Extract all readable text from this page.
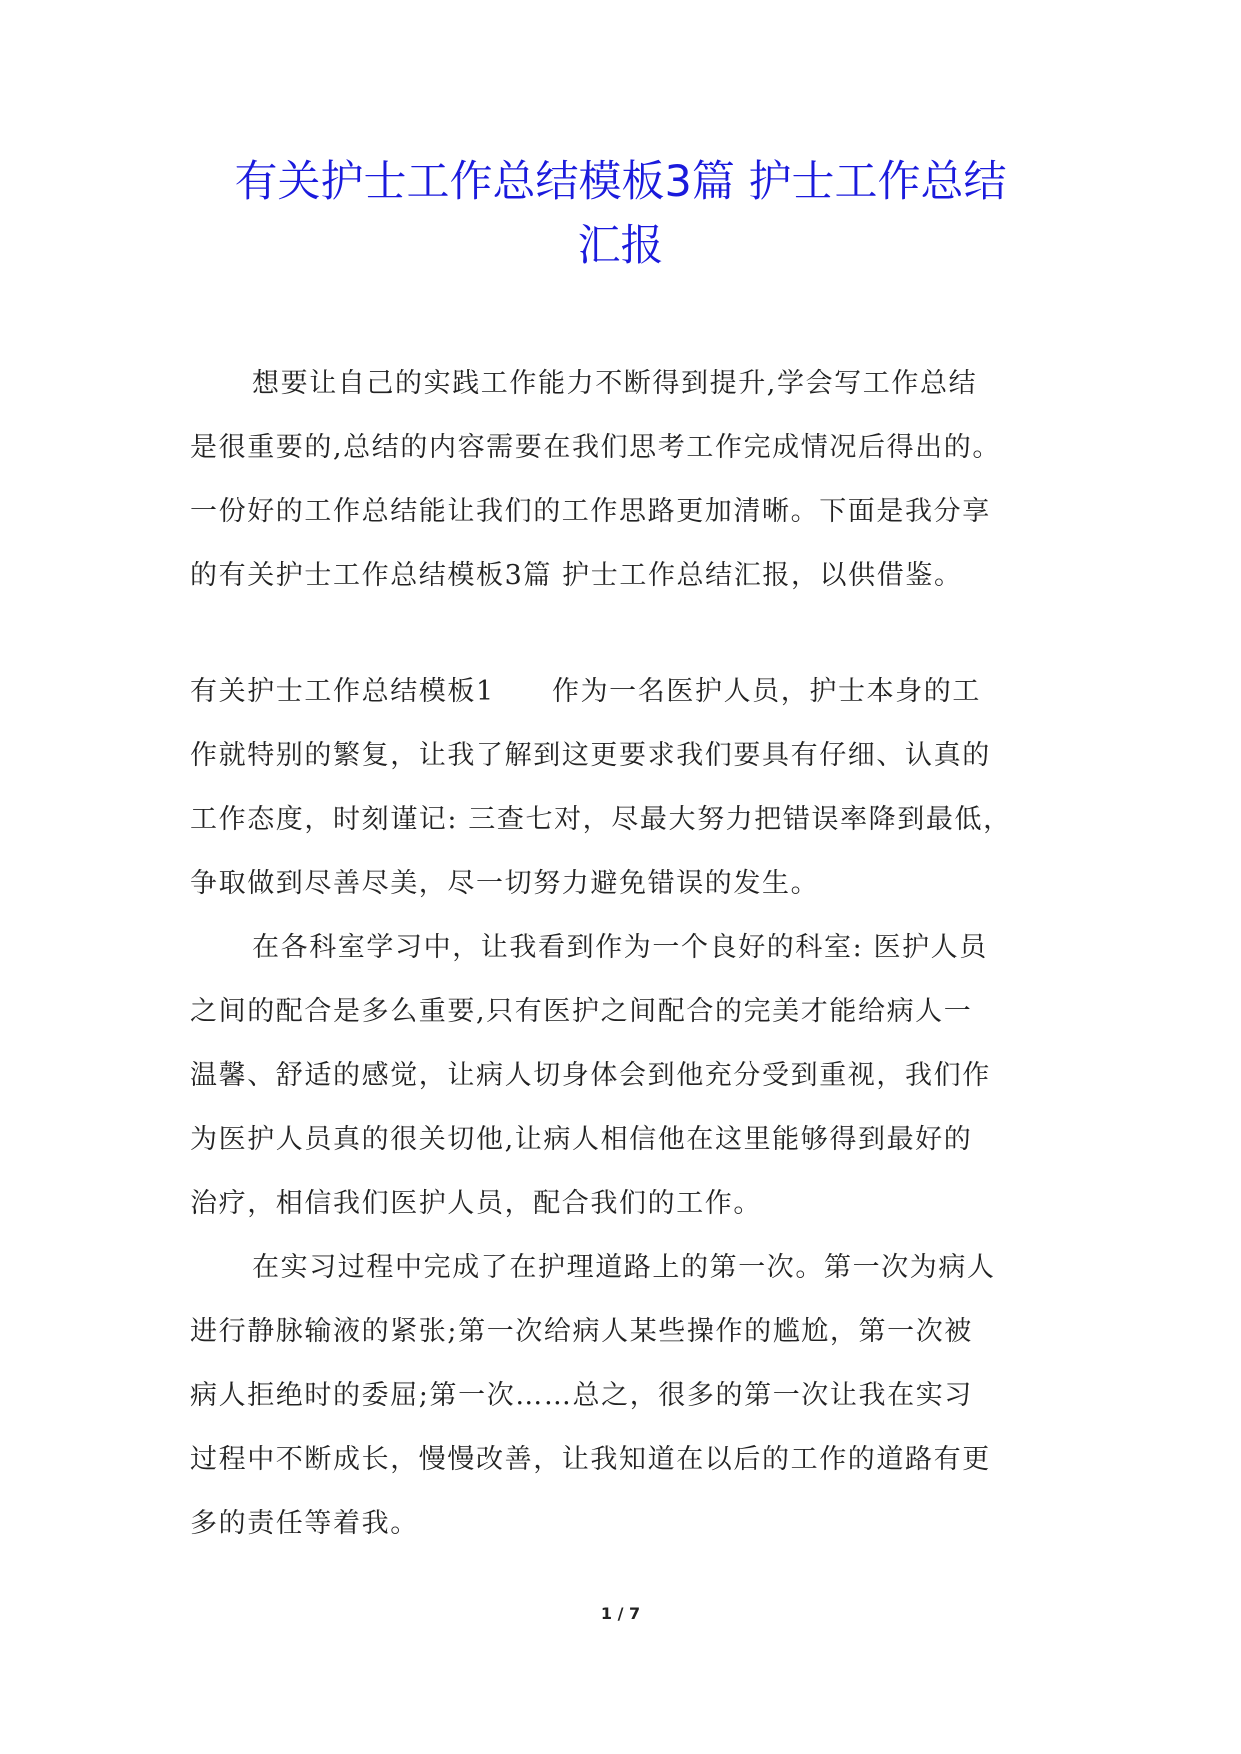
有关护士工作总结模板3篇 护士工作总结
汇报
想要让自己的实践工作能力不断得到提升,学会写工作总结
是很重要的,总结的内容需要在我们思考工作完成情况后得出的。
一份好的工作总结能让我们的工作思路更加清晰。下面是我分享
的有关护士工作总结模板3篇 护士工作总结汇报，以供借鉴。
有关护士工作总结模板1　　作为一名医护人员，护士本身的工
作就特别的繁复，让我了解到这更要求我们要具有仔细、认真的
工作态度，时刻谨记: 三查七对，尽最大努力把错误率降到最低，
争取做到尽善尽美，尽一切努力避免错误的发生。
在各科室学习中，让我看到作为一个良好的科室: 医护人员
之间的配合是多么重要,只有医护之间配合的完美才能给病人一
温馨、舒适的感觉，让病人切身体会到他充分受到重视，我们作
为医护人员真的很关切他,让病人相信他在这里能够得到最好的
治疗，相信我们医护人员，配合我们的工作。
在实习过程中完成了在护理道路上的第一次。第一次为病人
进行静脉输液的紧张;第一次给病人某些操作的尴尬，第一次被
病人拒绝时的委屈;第一次……总之，很多的第一次让我在实习
过程中不断成长，慢慢改善，让我知道在以后的工作的道路有更
多的责任等着我。
1 / 7
